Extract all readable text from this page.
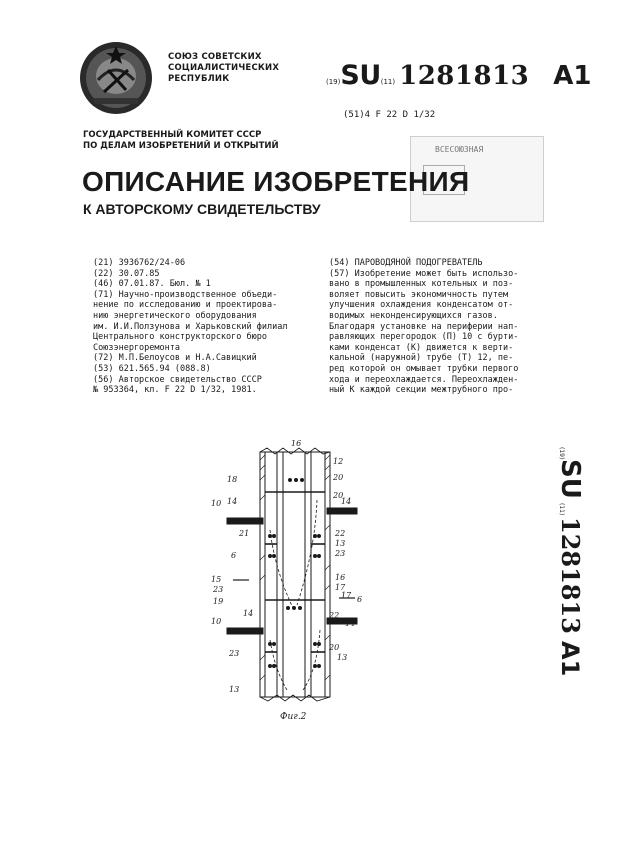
СОЮЗ СОВЕТСКИХ
СОЦИАЛИСТИЧЕСКИХ
РЕСПУБЛИК	(19)SU(11) 1281813 A1
(51)4 F 22 D 1/32
ГОСУДАРСТВЕННЫЙ КОМИТЕТ СССР
ПО ДЕЛАМ ИЗОБРЕТЕНИЙ И ОТКРЫТИЙ	ВСЕСОЮЗНАЯ
ОПИСАНИЕ ИЗОБРЕТЕНИЯ
К АВТОРСКОМУ СВИДЕТЕЛЬСТВУ
(21) 3936762/24-06
(22) 30.07.85
(46) 07.01.87. Бюл. № 1
(71) Научно-производственное объеди-
нение по исследованию и проектирова-
нию энергетического оборудования
им. И.И.Ползунова и Харьковский филиал
Центрального конструкторского бюро
Союзэнергоремонта
(72) М.П.Белоусов и Н.А.Савицкий
(53) 621.565.94 (088.8)
(56) Авторское свидетельство СССР
№ 953364, кл. F 22 D 1/32, 1981.
(54) ПАРОВОДЯНОЙ ПОДОГРЕВАТЕЛЬ
(57) Изобретение может быть использо-
вано в промышленных котельных и поз-
воляет повысить экономичность путем
улучшения охлаждения конденсатом от-
водимых неконденсирующихся газов.
Благодаря установке на периферии нап-
равляющих перегородок (П) 10 с бурти-
ками конденсат (К) движется к верти-
кальной (наружной) трубе (Т) 12, пе-
ред которой он омывает трубки первого
хода и переохлаждается. Переохлажден-
ный К каждой секции межтрубного про-
(19)
SU
(11)
1281813
A1
16
12
20
18
20
10 14	14
21	22
13
23
6
16
15
17
23
17
19	6
22
10
14
14
20
23	13
13
Фиг.2
